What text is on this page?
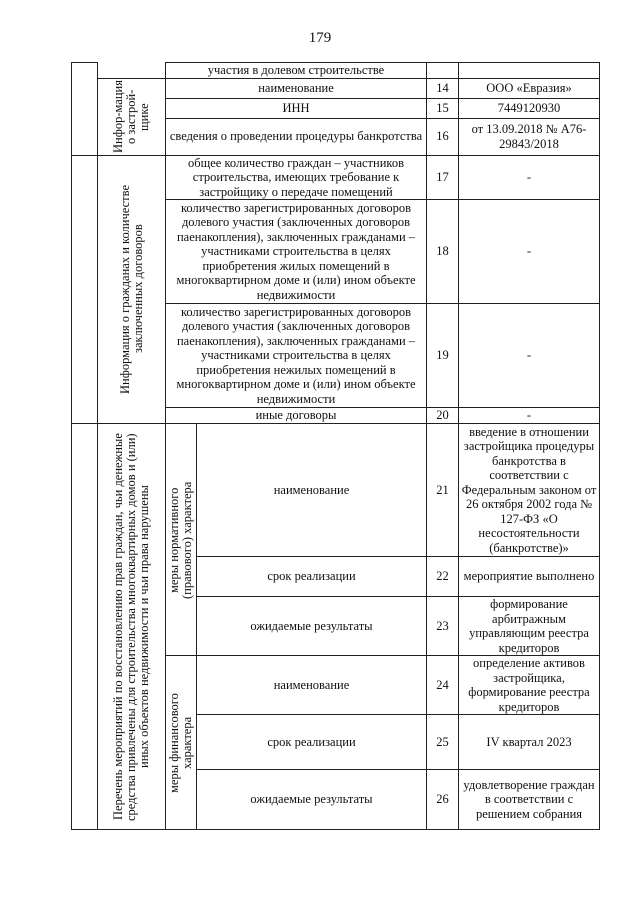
179
		участия в долевом строительстве			

	Инфор-мация о застрой-щике	наименование		14	ООО «Евразия»
		ИНН		15	7449120930
		сведения о проведении процедуры банкротства		16	от 13.09.2018 № А76-29843/2018

	Информация о гражданах и количестве заключенных договоров	общее количество граждан – участников строительства, имеющих требование к застройщику о передаче помещений		17	-
		количество зарегистрированных договоров долевого участия (заключенных договоров паенакопления), заключенных гражданами – участниками строительства в целях приобретения жилых помещений в многоквартирном доме и (или) ином объекте недвижимости		18	-
		количество зарегистрированных договоров долевого участия (заключенных договоров паенакопления), заключенных гражданами – участниками строительства в целях приобретения нежилых помещений в многоквартирном доме и (или) ином объекте недвижимости		19	-
		иные договоры		20	-

	Перечень мероприятий по восстановлению прав граждан, чьи денежные средства привлечены для строительства многоквартирных домов и (или) иных объектов недвижимости и чьи права нарушены	меры нормативного (правового) характера	наименование	21	введение в отношении застройщика процедуры банкротства в соответствии с Федеральным законом от 26 октября 2002 года № 127-ФЗ «О несостоятельности (банкротстве)»
			срок реализации	22	мероприятие выполнено
			ожидаемые результаты	23	формирование арбитражным управляющим реестра кредиторов

		меры финансового характера	наименование	24	определение активов застройщика, формирование реестра кредиторов
			срок реализации	25	IV квартал 2023
			ожидаемые результаты	26	удовлетворение граждан в соответствии с решением собрания
